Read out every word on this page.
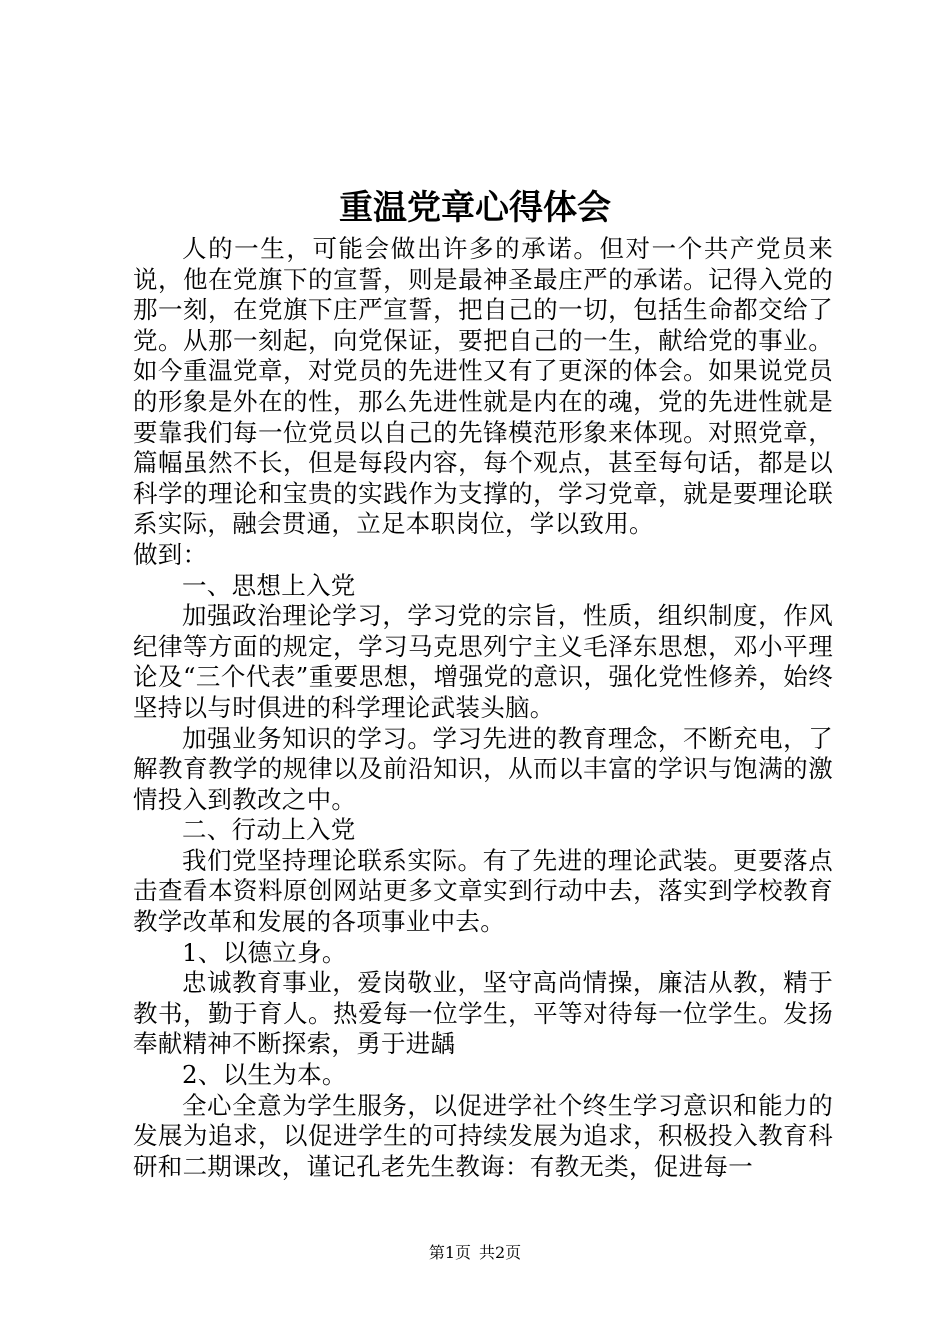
重温党章心得体会

人的一生，可能会做出许多的承诺。但对一个共产党员来说，他在党旗下的宣誓，则是最神圣最庄严的承诺。记得入党的那一刻，在党旗下庄严宣誓，把自己的一切，包括生命都交给了党。从那一刻起，向党保证，要把自己的一生，献给党的事业。如今重温党章，对党员的先进性又有了更深的体会。如果说党员的形象是外在的性，那么先进性就是内在的魂，党的先进性就是要靠我们每一位党员以自己的先锋模范形象来体现。对照党章，篇幅虽然不长，但是每段内容，每个观点，甚至每句话，都是以科学的理论和宝贵的实践作为支撑的，学习党章，就是要理论联系实际，融会贯通，立足本职岗位，学以致用。

做到：

一、思想上入党

加强政治理论学习，学习党的宗旨，性质，组织制度，作风纪律等方面的规定，学习马克思列宁主义毛泽东思想，邓小平理论及“三个代表”重要思想，增强党的意识，强化党性修养，始终坚持以与时俱进的科学理论武装头脑。

加强业务知识的学习。学习先进的教育理念，不断充电，了解教育教学的规律以及前沿知识，从而以丰富的学识与饱满的激情投入到教改之中。

二、行动上入党

我们党坚持理论联系实际。有了先进的理论武装。更要落点击查看本资料原创网站更多文章实到行动中去，落实到学校教育教学改革和发展的各项事业中去。

1、以德立身。

忠诚教育事业，爱岗敬业，坚守高尚情操，廉洁从教，精于教书，勤于育人。热爱每一位学生，平等对待每一位学生。发扬奉献精神不断探索，勇于进龋

2、以生为本。

全心全意为学生服务，以促进学社个终生学习意识和能力的发展为追求，以促进学生的可持续发展为追求，积极投入教育科研和二期课改，谨记孔老先生教诲：有教无类，促进每一

第1页 共2页
